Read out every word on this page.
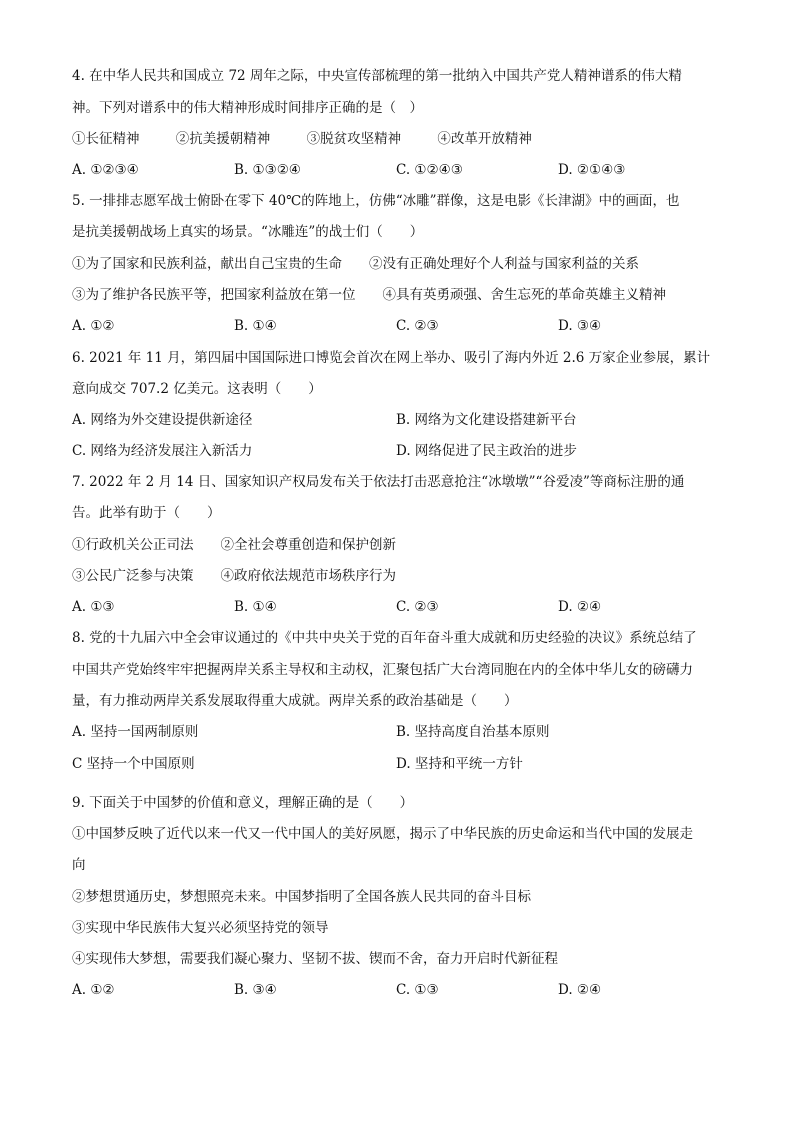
4. 在中华人民共和国成立 72 周年之际，中央宣传部梳理的第一批纳入中国共产党人精神谱系的伟大精
神。下列对谱系中的伟大精神形成时间排序正确的是（　）
①长征精神	②抗美援朝精神	③脱贫攻坚精神	④改革开放精神
A. ①②③④	B. ①③②④	C. ①②④③	D. ②①④③
5. 一排排志愿军战士俯卧在零下 40℃的阵地上，仿佛“冰雕”群像，这是电影《长津湖》中的画面，也
是抗美援朝战场上真实的场景。“冰雕连”的战士们（　　）
①为了国家和民族利益，献出自己宝贵的生命　　②没有正确处理好个人利益与国家利益的关系
③为了维护各民族平等，把国家利益放在第一位　　④具有英勇顽强、舍生忘死的革命英雄主义精神
A. ①②	B. ①④	C. ②③	D. ③④
6. 2021 年 11 月，第四届中国国际进口博览会首次在网上举办、吸引了海内外近 2.6 万家企业参展，累计
意向成交 707.2 亿美元。这表明（　　）
A. 网络为外交建设提供新途径	B. 网络为文化建设搭建新平台
C. 网络为经济发展注入新活力	D. 网络促进了民主政治的进步
7. 2022 年 2 月 14 日、国家知识产权局发布关于依法打击恶意抢注“冰墩墩”“谷爱凌”等商标注册的通
告。此举有助于（　　）
①行政机关公正司法　　②全社会尊重创造和保护创新
③公民广泛参与决策　　④政府依法规范市场秩序行为
A. ①③	B. ①④	C. ②③	D. ②④
8. 党的十九届六中全会审议通过的《中共中央关于党的百年奋斗重大成就和历史经验的决议》系统总结了
中国共产党始终牢牢把握两岸关系主导权和主动权，汇聚包括广大台湾同胞在内的全体中华儿女的磅礴力
量，有力推动两岸关系发展取得重大成就。两岸关系的政治基础是（　　）
A. 坚持一国两制原则	B. 坚持高度自治基本原则
C 坚持一个中国原则	D. 坚持和平统一方针
9. 下面关于中国梦的价值和意义，理解正确的是（　　）
①中国梦反映了近代以来一代又一代中国人的美好夙愿，揭示了中华民族的历史命运和当代中国的发展走
向
②梦想贯通历史，梦想照亮未来。中国梦指明了全国各族人民共同的奋斗目标
③实现中华民族伟大复兴必须坚持党的领导
④实现伟大梦想，需要我们凝心聚力、坚韧不拔、锲而不舍，奋力开启时代新征程
A. ①②	B. ③④	C. ①③	D. ②④
